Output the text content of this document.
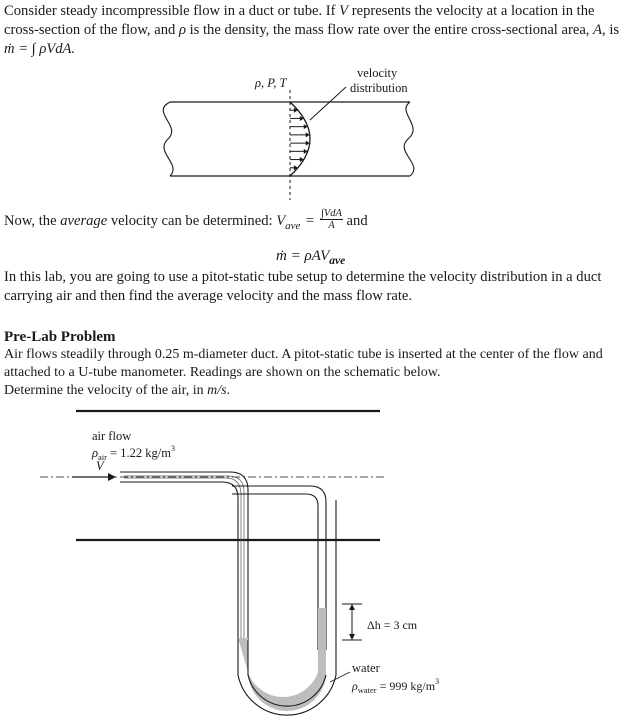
Consider steady incompressible flow in a duct or tube. If V represents the velocity at a location in the cross-section of the flow, and ρ is the density, the mass flow rate over the entire cross-sectional area, A, is ṁ = ∫ ρVdA.
ρ, P, T
velocity
distribution
Now, the average velocity can be determined: $V_{ave} = \int VdA$
A and
ṁ = ρAV$_{ave}$
In this lab, you are going to use a pitot-static tube setup to determine the velocity distribution in a duct carrying air and then find the average velocity and the mass flow rate.
Pre-Lab Problem
Air flows steadily through 0.25 m-diameter duct. A pitot-static tube is inserted at the center of the flow and attached to a U-tube manometer. Readings are shown on the schematic below.
Determine the velocity of the air, in m/s.
air flow
$\rho_{air} = 1.22$ $kg/m^3$
V
Δh = 3 cm
water
$\rho_{water} = 999$ $kg/m^3$
